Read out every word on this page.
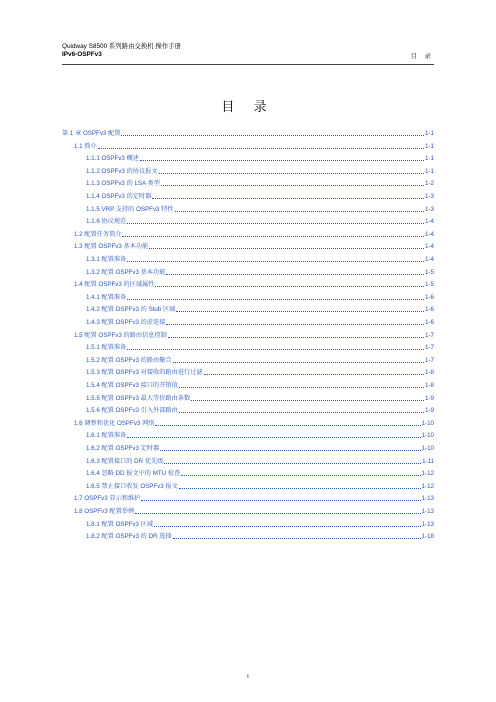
Quidway S8500 系列路由交换机 操作手册
IPv6-OSPFv3	目 录
目 录
第 1 章 OSPFv3 配置	1-1
1.1 简介	1-1
1.1.1 OSPFv3 概述	1-1
1.1.2 OSPFv3 的协议报文	1-1
1.1.3 OSPFv3 的 LSA 类型	1-2
1.1.4 OSPFv3 的定时器	1-3
1.1.5 VRP 支持的 OSPFv3 特性	1-3
1.1.6 协议规范	1-4
1.2 配置任务简介	1-4
1.3 配置 OSPFv3 基本功能	1-4
1.3.1 配置准备	1-4
1.3.2 配置 OSPFv3 基本功能	1-5
1.4 配置 OSPFv3 的区域属性	1-5
1.4.1 配置准备	1-6
1.4.2 配置 OSPFv3 的 Stub 区域	1-6
1.4.3 配置 OSPFv3 的虚连接	1-6
1.5 配置 OSPFv3 的路由信息控制	1-7
1.5.1 配置准备	1-7
1.5.2 配置 OSPFv3 的路由聚合	1-7
1.5.3 配置 OSPFv3 对接收的路由进行过滤	1-8
1.5.4 配置 OSPFv3 接口的开销值	1-8
1.5.5 配置 OSPFv3 最大等价路由条数	1-9
1.5.6 配置 OSPFv3 引入外部路由	1-9
1.6 调整和优化 OSPFv3 网络	1-10
1.6.1 配置准备	1-10
1.6.2 配置 OSPFv3 定时器	1-10
1.6.3 配置接口的 DR 优先级	1-11
1.6.4 忽略 DD 报文中的 MTU 检查	1-12
1.6.5 禁止接口收发 OSPFv3 报文	1-12
1.7 OSPFv3 显示和维护	1-13
1.8 OSPFv3 配置举例	1-13
1.8.1 配置 OSPFv3 区域	1-13
1.8.2 配置 OSPFv3 的 DR 选择	1-18
i
